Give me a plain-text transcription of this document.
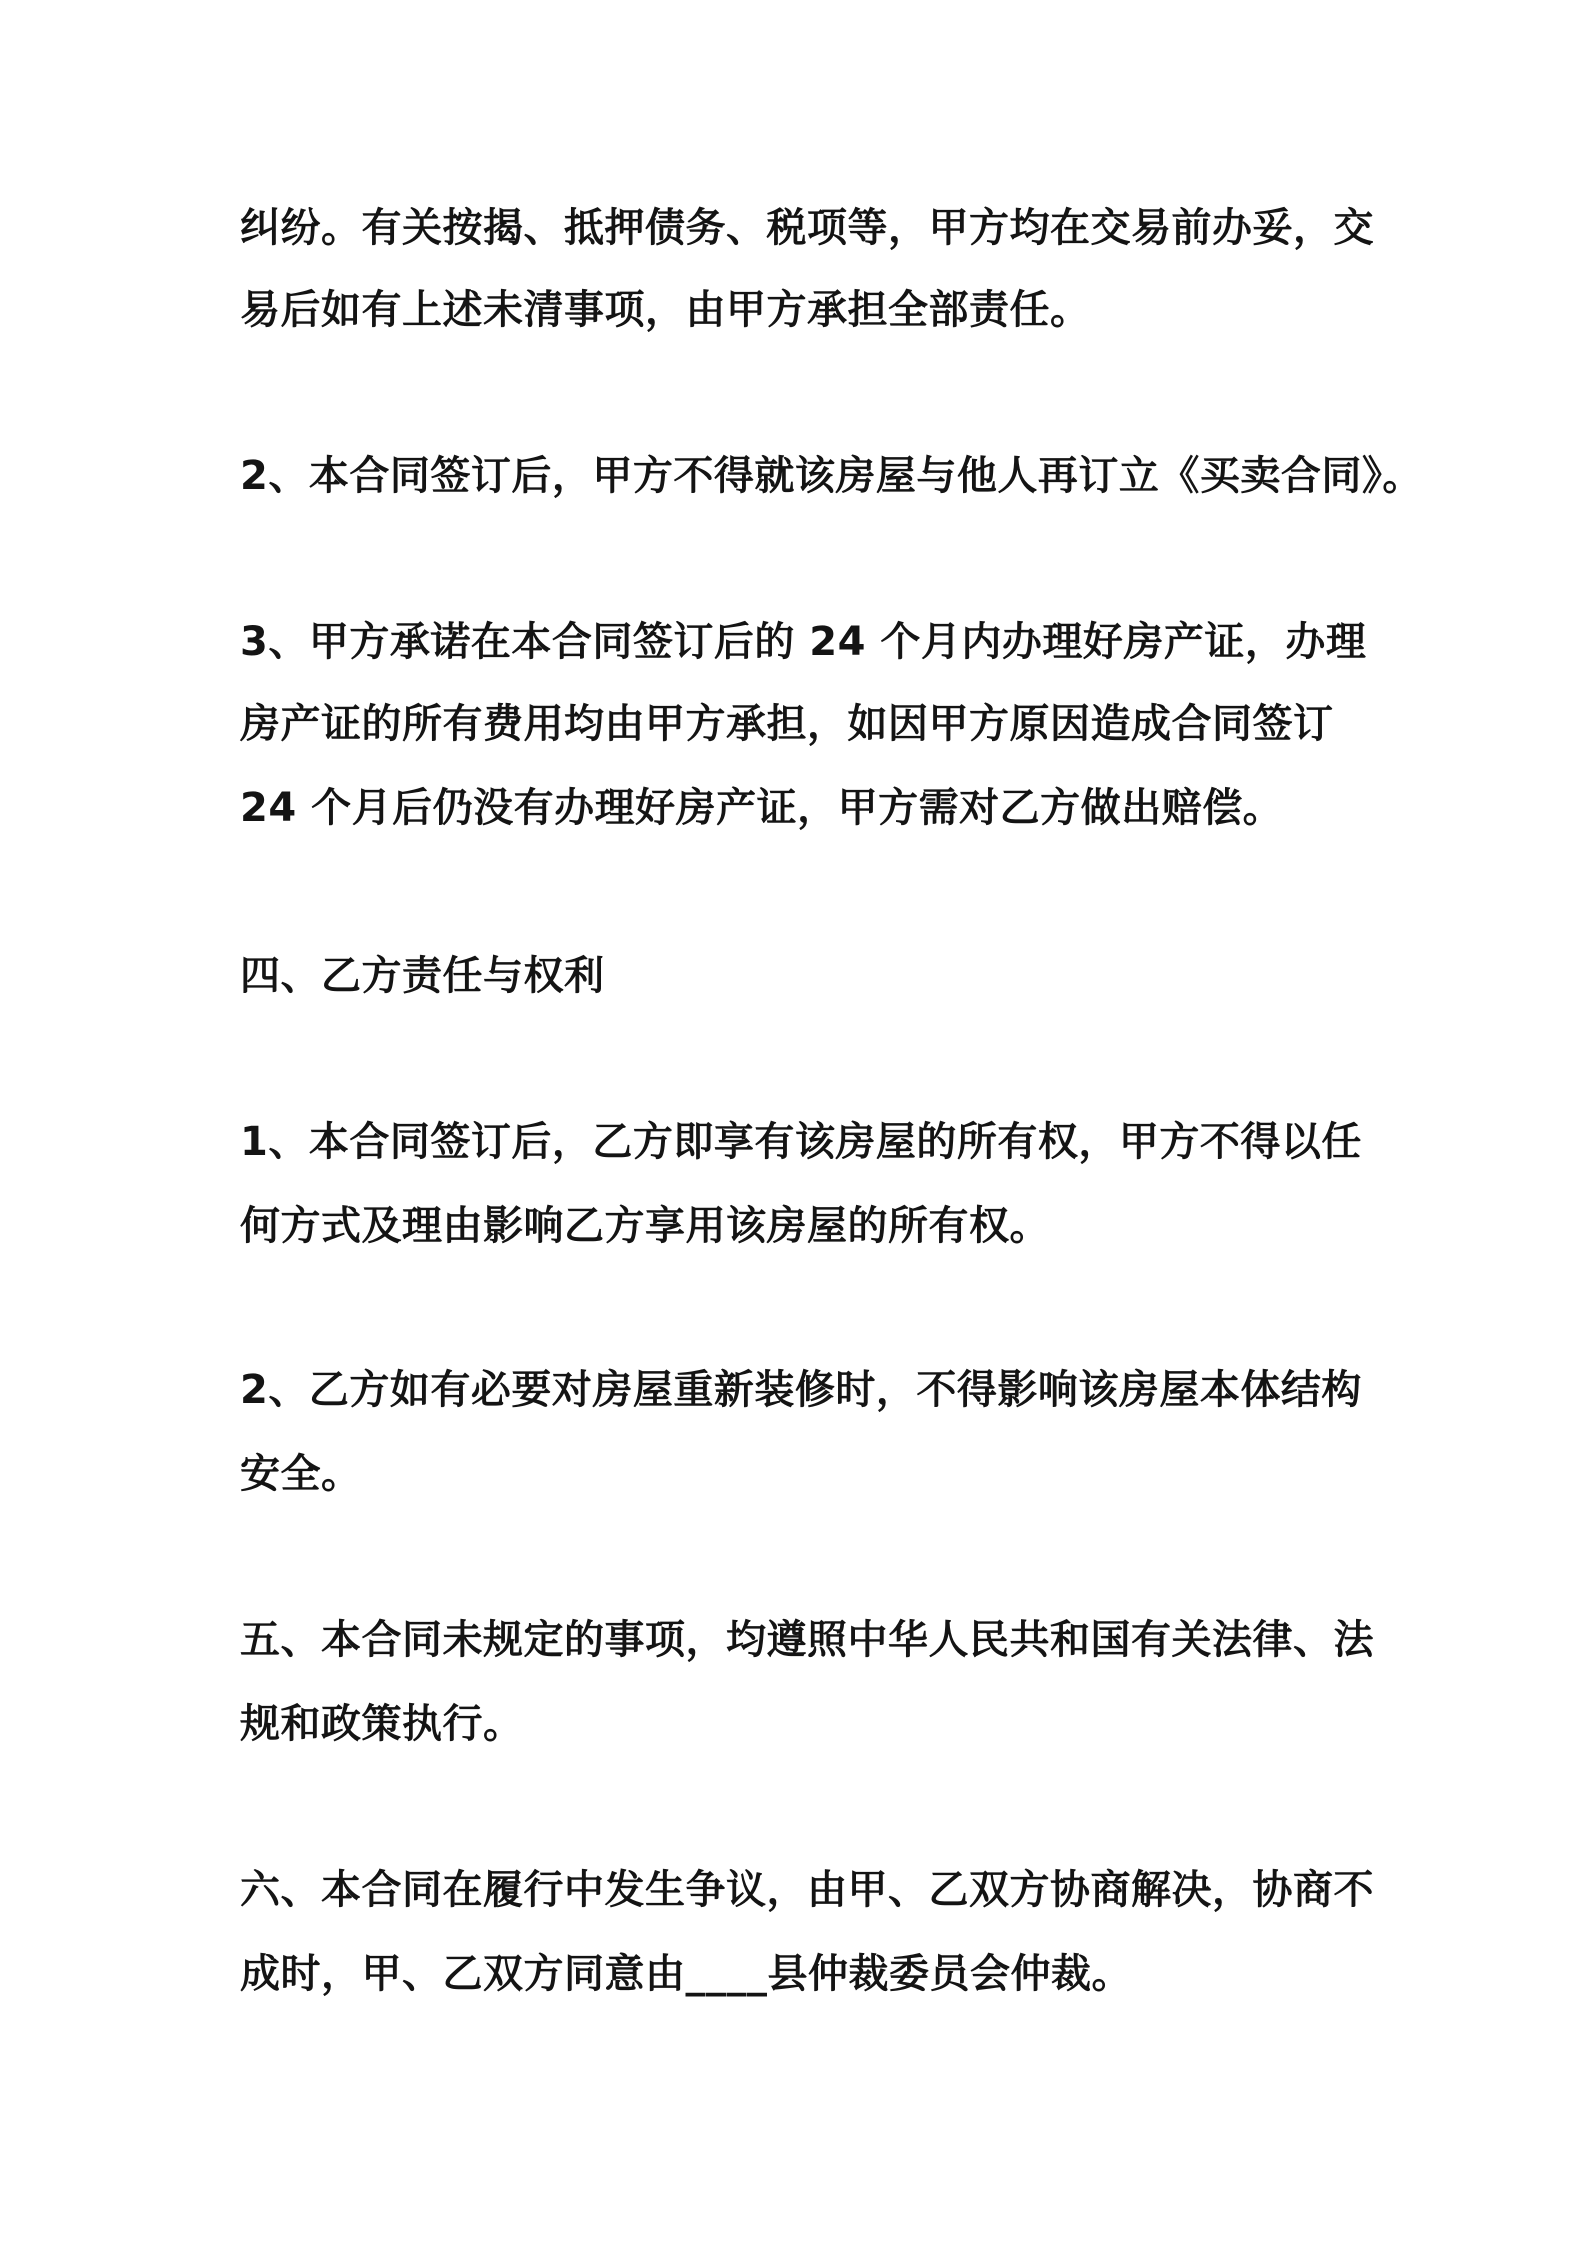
纠纷。有关按揭、抵押债务、税项等，甲方均在交易前办妥，交
易后如有上述未清事项，由甲方承担全部责任。
2、本合同签订后，甲方不得就该房屋与他人再订立《买卖合同》。
3、甲方承诺在本合同签订后的 24 个月内办理好房产证，办理
房产证的所有费用均由甲方承担，如因甲方原因造成合同签订
24 个月后仍没有办理好房产证，甲方需对乙方做出赔偿。
四、乙方责任与权利
1、本合同签订后，乙方即享有该房屋的所有权，甲方不得以任
何方式及理由影响乙方享用该房屋的所有权。
2、乙方如有必要对房屋重新装修时，不得影响该房屋本体结构
安全。
五、本合同未规定的事项，均遵照中华人民共和国有关法律、法
规和政策执行。
六、本合同在履行中发生争议，由甲、乙双方协商解决，协商不
成时，甲、乙双方同意由____县仲裁委员会仲裁。
